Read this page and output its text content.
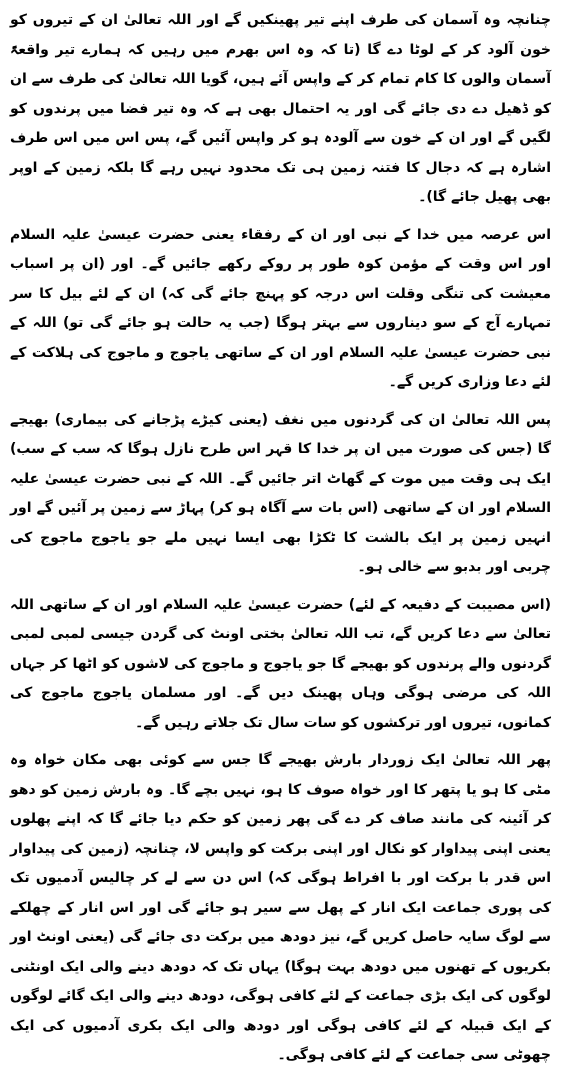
چنانچہ وہ آسمان کی طرف اپنے تیر پھینکیں گے اور اللہ تعالیٰ ان کے تیروں کو خون آلود کر کے لوٹا دے گا (تا کہ وہ اس بھرم میں رہیں کہ ہمارے تیر واقعۃً آسمان والوں کا کام تمام کر کے واپس آئے ہیں، گویا اللہ تعالیٰ کی طرف سے ان کو ڈھیل دے دی جائے گی اور یہ احتمال بھی ہے کہ وہ تیر فضا میں پرندوں کو لگیں گے اور ان کے خون سے آلودہ ہو کر واپس آئیں گے، پس اس میں اس طرف اشارہ ہے کہ دجال کا فتنہ زمین ہی تک محدود نہیں رہے گا بلکہ زمین کے اوپر بھی پھیل جائے گا)۔

اس عرصہ میں خدا کے نبی اور ان کے رفقاء یعنی حضرت عیسیٰ علیہ السلام اور اس وقت کے مؤمن کوہ طور پر روکے رکھے جائیں گے۔ اور (ان پر اسباب معیشت کی تنگی وقلت اس درجہ کو پہنچ جائے گی کہ) ان کے لئے بیل کا سر تمہارے آج کے سو دیناروں سے بہتر ہوگا (جب یہ حالت ہو جائے گی تو) اللہ کے نبی حضرت عیسیٰ علیہ السلام اور ان کے ساتھی یاجوج و ماجوج کی ہلاکت کے لئے دعا وزاری کریں گے۔

پس اللہ تعالیٰ ان کی گردنوں میں نغف (یعنی کیڑے پڑجانے کی بیماری) بھیجے گا (جس کی صورت میں ان پر خدا کا قہر اس طرح نازل ہوگا کہ سب کے سب) ایک ہی وقت میں موت کے گھاٹ اتر جائیں گے۔ اللہ کے نبی حضرت عیسیٰ علیہ السلام اور ان کے ساتھی (اس بات سے آگاہ ہو کر) پہاڑ سے زمین پر آئیں گے اور انہیں زمین پر ایک بالشت کا ٹکڑا بھی ایسا نہیں ملے جو یاجوج ماجوج کی چربی اور بدبو سے خالی ہو۔

(اس مصیبت کے دفیعہ کے لئے) حضرت عیسیٰ علیہ السلام اور ان کے ساتھی اللہ تعالیٰ سے دعا کریں گے، تب اللہ تعالیٰ بختی اونٹ کی گردن جیسی لمبی لمبی گردنوں والے پرندوں کو بھیجے گا جو یاجوج و ماجوج کی لاشوں کو اٹھا کر جہاں اللہ کی مرضی ہوگی وہاں پھینک دیں گے۔ اور مسلمان یاجوج ماجوج کی کمانوں، تیروں اور ترکشوں کو سات سال تک جلاتے رہیں گے۔

پھر اللہ تعالیٰ ایک زوردار بارش بھیجے گا جس سے کوئی بھی مکان خواہ وہ مٹی کا ہو یا پتھر کا اور خواہ صوف کا ہو، نہیں بچے گا۔ وہ بارش زمین کو دھو کر آئینہ کی مانند صاف کر دے گی پھر زمین کو حکم دیا جائے گا کہ اپنے پھلوں یعنی اپنی پیداوار کو نکال اور اپنی برکت کو واپس لا، چنانچہ (زمین کی پیداوار اس قدر با برکت اور با افراط ہوگی کہ) اس دن سے لے کر چالیس آدمیوں تک کی پوری جماعت ایک انار کے پھل سے سیر ہو جائے گی اور اس انار کے چھلکے سے لوگ سایہ حاصل کریں گے، نیز دودھ میں برکت دی جائے گی (یعنی اونٹ اور بکریوں کے تھنوں میں دودھ بہت ہوگا) یہاں تک کہ دودھ دینے والی ایک اونٹنی لوگوں کی ایک بڑی جماعت کے لئے کافی ہوگی، دودھ دینے والی ایک گائے لوگوں کے ایک قبیلہ کے لئے کافی ہوگی اور دودھ والی ایک بکری آدمیوں کی ایک چھوٹی سی جماعت کے لئے کافی ہوگی۔
